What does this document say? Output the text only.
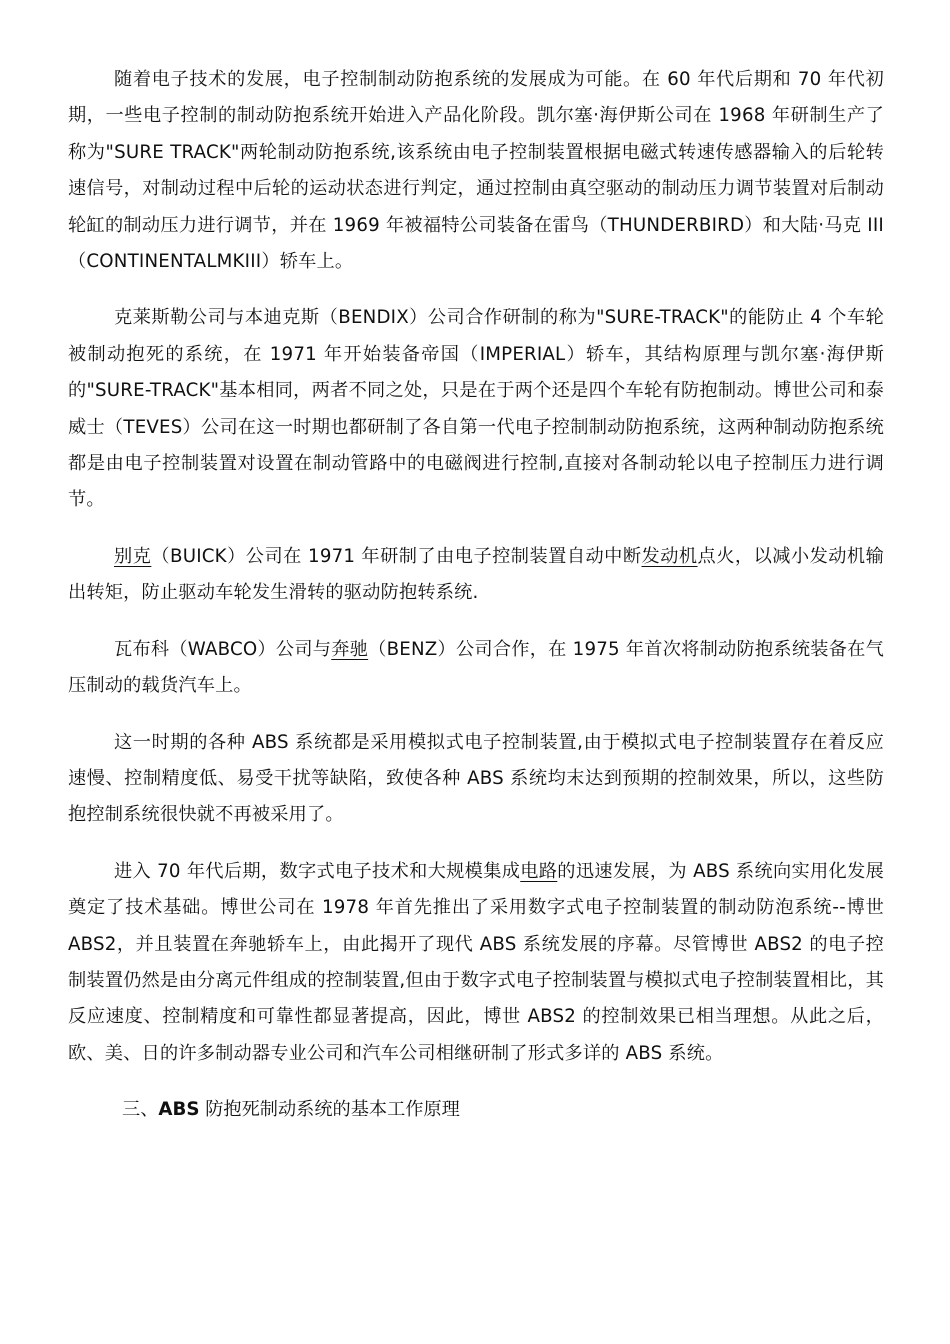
随着电子技术的发展，电子控制制动防抱系统的发展成为可能。在 60 年代后期和 70 年代初期，一些电子控制的制动防抱系统开始进入产品化阶段。凯尔塞·海伊斯公司在 1968 年研制生产了称为"SURE TRACK"两轮制动防抱系统,该系统由电子控制装置根据电磁式转速传感器输入的后轮转速信号，对制动过程中后轮的运动状态进行判定，通过控制由真空驱动的制动压力调节装置对后制动轮缸的制动压力进行调节，并在 1969 年被福特公司装备在雷鸟（THUNDERBIRD）和大陆·马克 III（CONTINENTALMKIII）轿车上。

克莱斯勒公司与本迪克斯（BENDIX）公司合作研制的称为"SURE-TRACK"的能防止 4 个车轮被制动抱死的系统，在 1971 年开始装备帝国（IMPERIAL）轿车，其结构原理与凯尔塞·海伊斯的"SURE-TRACK"基本相同，两者不同之处，只是在于两个还是四个车轮有防抱制动。博世公司和泰威士（TEVES）公司在这一时期也都研制了各自第一代电子控制制动防抱系统，这两种制动防抱系统都是由电子控制装置对设置在制动管路中的电磁阀进行控制,直接对各制动轮以电子控制压力进行调节。

别克（BUICK）公司在 1971 年研制了由电子控制装置自动中断发动机点火，以减小发动机输出转矩，防止驱动车轮发生滑转的驱动防抱转系统.

瓦布科（WABCO）公司与奔驰（BENZ）公司合作，在 1975 年首次将制动防抱系统装备在气压制动的载货汽车上。

这一时期的各种 ABS 系统都是采用模拟式电子控制装置,由于模拟式电子控制装置存在着反应速慢、控制精度低、易受干扰等缺陷，致使各种 ABS 系统均末达到预期的控制效果，所以，这些防抱控制系统很快就不再被采用了。

进入 70 年代后期，数字式电子技术和大规模集成电路的迅速发展，为 ABS 系统向实用化发展奠定了技术基础。博世公司在 1978 年首先推出了采用数字式电子控制装置的制动防泡系统--博世 ABS2，并且装置在奔驰轿车上，由此揭开了现代 ABS 系统发展的序幕。尽管博世 ABS2 的电子控制装置仍然是由分离元件组成的控制装置,但由于数字式电子控制装置与模拟式电子控制装置相比，其反应速度、控制精度和可靠性都显著提高，因此，博世 ABS2 的控制效果已相当理想。从此之后，欧、美、日的许多制动器专业公司和汽车公司相继研制了形式多详的 ABS 系统。

三、ABS 防抱死制动系统的基本工作原理
